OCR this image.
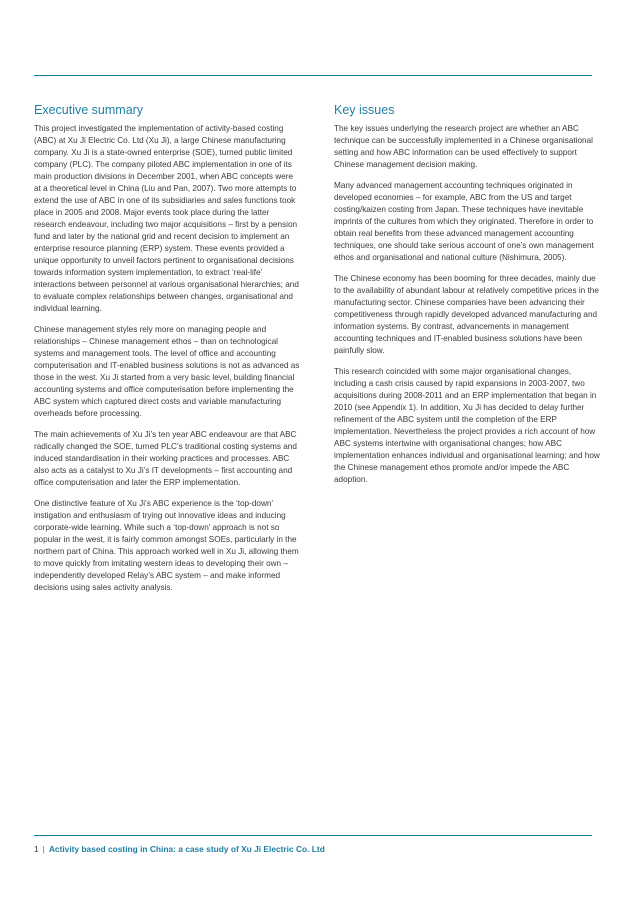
Executive summary

This project investigated the implementation of activity-based costing (ABC) at Xu Ji Electric Co. Ltd (Xu Ji), a large Chinese manufacturing company. Xu Ji is a state-owned enterprise (SOE), turned public limited company (PLC). The company piloted ABC implementation in one of its main production divisions in December 2001, when ABC concepts were at a theoretical level in China (Liu and Pan, 2007). Two more attempts to extend the use of ABC in one of its subsidiaries and sales functions took place in 2005 and 2008. Major events took place during the latter research endeavour, including two major acquisitions – first by a pension fund and later by the national grid and recent decision to implement an enterprise resource planning (ERP) system. These events provided a unique opportunity to unveil factors pertinent to organisational decisions towards information system implementation, to extract ‘real-life’ interactions between personnel at various organisational hierarchies; and to evaluate complex relationships between changes, organisational and individual learning.

Chinese management styles rely more on managing people and relationships – Chinese management ethos – than on technological systems and management tools. The level of office and accounting computerisation and IT-enabled business solutions is not as advanced as those in the west. Xu Ji started from a very basic level, building financial accounting systems and office computerisation before implementing the ABC system which captured direct costs and variable manufacturing overheads before processing.

The main achievements of Xu Ji’s ten year ABC endeavour are that ABC radically changed the SOE, turned PLC’s traditional costing systems and induced standardisation in their working practices and processes. ABC also acts as a catalyst to Xu Ji’s IT developments – first accounting and office computerisation and later the ERP implementation.

One distinctive feature of Xu Ji’s ABC experience is the ‘top-down’ instigation and enthusiasm of trying out innovative ideas and inducing corporate-wide learning. While such a ‘top-down’ approach is not so popular in the west, it is fairly common amongst SOEs, particularly in the northern part of China. This approach worked well in Xu Ji, allowing them to move quickly from imitating western ideas to developing their own – independently developed Relay’s ABC system – and make informed decisions using sales activity analysis.

Key issues

The key issues underlying the research project are whether an ABC technique can be successfully implemented in a Chinese organisational setting and how ABC information can be used effectively to support Chinese management decision making.

Many advanced management accounting techniques originated in developed economies – for example, ABC from the US and target costing/kaizen costing from Japan. These techniques have inevitable imprints of the cultures from which they originated. Therefore in order to obtain real benefits from these advanced management accounting techniques, one should take serious account of one’s own management ethos and organisational and national culture (Nishimura, 2005).

The Chinese economy has been booming for three decades, mainly due to the availability of abundant labour at relatively competitive prices in the manufacturing sector. Chinese companies have been advancing their competitiveness through rapidly developed advanced manufacturing and information systems. By contrast, advancements in management accounting techniques and IT-enabled business solutions have been painfully slow.

This research coincided with some major organisational changes, including a cash crisis caused by rapid expansions in 2003-2007, two acquisitions during 2008-2011 and an ERP implementation that began in 2010 (see Appendix 1). In addition, Xu Ji has decided to delay further refinement of the ABC system until the completion of the ERP implementation. Nevertheless the project provides a rich account of how ABC systems intertwine with organisational changes; how ABC implementation enhances individual and organisational learning; and how the Chinese management ethos promote and/or impede the ABC adoption.

1 | Activity based costing in China: a case study of Xu Ji Electric Co. Ltd
